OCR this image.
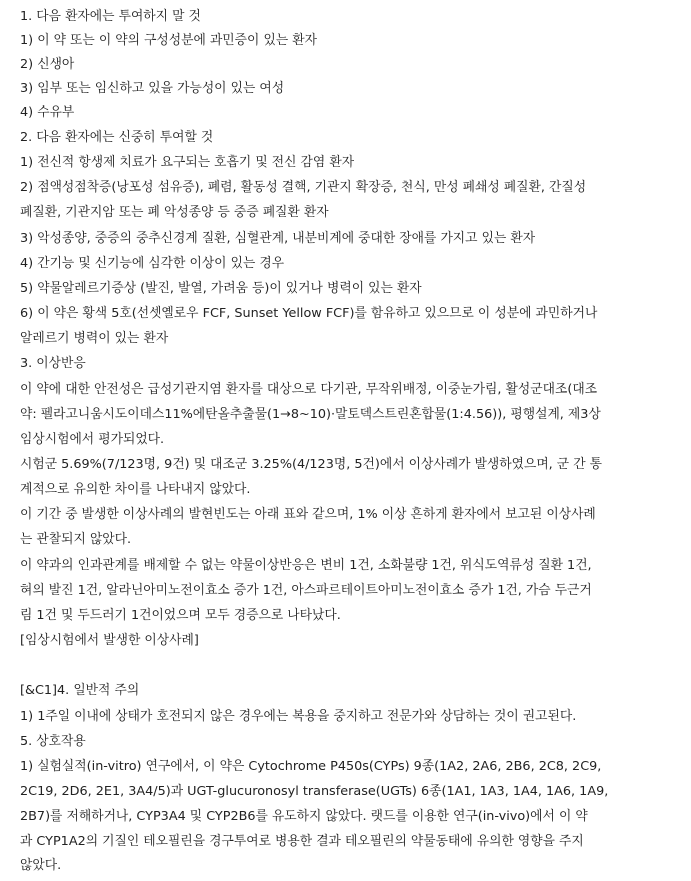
1. 다음 환자에는 투여하지 말 것
1) 이 약 또는 이 약의 구성성분에 과민증이 있는 환자
2) 신생아
3) 임부 또는 임신하고 있을 가능성이 있는 여성
4) 수유부
2. 다음 환자에는 신중히 투여할 것
1) 전신적 항생제 치료가 요구되는 호흡기 및 전신 감염 환자
2) 점액성점착증(낭포성 섬유증), 폐렴, 활동성 결핵, 기관지 확장증, 천식, 만성 폐쇄성 폐질환, 간질성
폐질환, 기관지암 또는 폐 악성종양 등 중증 폐질환 환자
3) 악성종양, 중증의 중추신경계 질환, 심혈관계, 내분비계에 중대한 장애를 가지고 있는 환자
4) 간기능 및 신기능에 심각한 이상이 있는 경우
5) 약물알레르기증상 (발진, 발열, 가려움 등)이 있거나 병력이 있는 환자
6) 이 약은 황색 5호(선셋옐로우 FCF, Sunset Yellow FCF)를 함유하고 있으므로 이 성분에 과민하거나
알레르기 병력이 있는 환자
3. 이상반응
이 약에 대한 안전성은 급성기관지염 환자를 대상으로 다기관, 무작위배정, 이중눈가림, 활성군대조(대조
약: 펠라고니움시도이데스11%에탄올추출물(1→8~10)·말토덱스트린혼합물(1:4.56)), 평행설계, 제3상
임상시험에서 평가되었다.
시험군 5.69%(7/123명, 9건) 및 대조군 3.25%(4/123명, 5건)에서 이상사례가 발생하였으며, 군 간 통
계적으로 유의한 차이를 나타내지 않았다.
이 기간 중 발생한 이상사례의 발현빈도는 아래 표와 같으며, 1% 이상 흔하게 환자에서 보고된 이상사례
는 관찰되지 않았다.
이 약과의 인과관계를 배제할 수 없는 약물이상반응은 변비 1건, 소화불량 1건, 위식도역류성 질환 1건,
혀의 발진 1건, 알라닌아미노전이효소 증가 1건, 아스파르테이트아미노전이효소 증가 1건, 가슴 두근거
림 1건 및 두드러기 1건이었으며 모두 경증으로 나타났다.
[임상시험에서 발생한 이상사례]
[&C1]4. 일반적 주의
1) 1주일 이내에 상태가 호전되지 않은 경우에는 복용을 중지하고 전문가와 상담하는 것이 권고된다.
5. 상호작용
1) 실험실적(in-vitro) 연구에서, 이 약은 Cytochrome P450s(CYPs) 9종(1A2, 2A6, 2B6, 2C8, 2C9,
2C19, 2D6, 2E1, 3A4/5)과 UGT-glucuronosyl transferase(UGTs) 6종(1A1, 1A3, 1A4, 1A6, 1A9,
2B7)를 저해하거나, CYP3A4 및 CYP2B6를 유도하지 않았다. 랫드를 이용한 연구(in-vivo)에서 이 약
과 CYP1A2의 기질인 테오필린을 경구투여로 병용한 결과 테오필린의 약물동태에 유의한 영향을 주지
않았다.
